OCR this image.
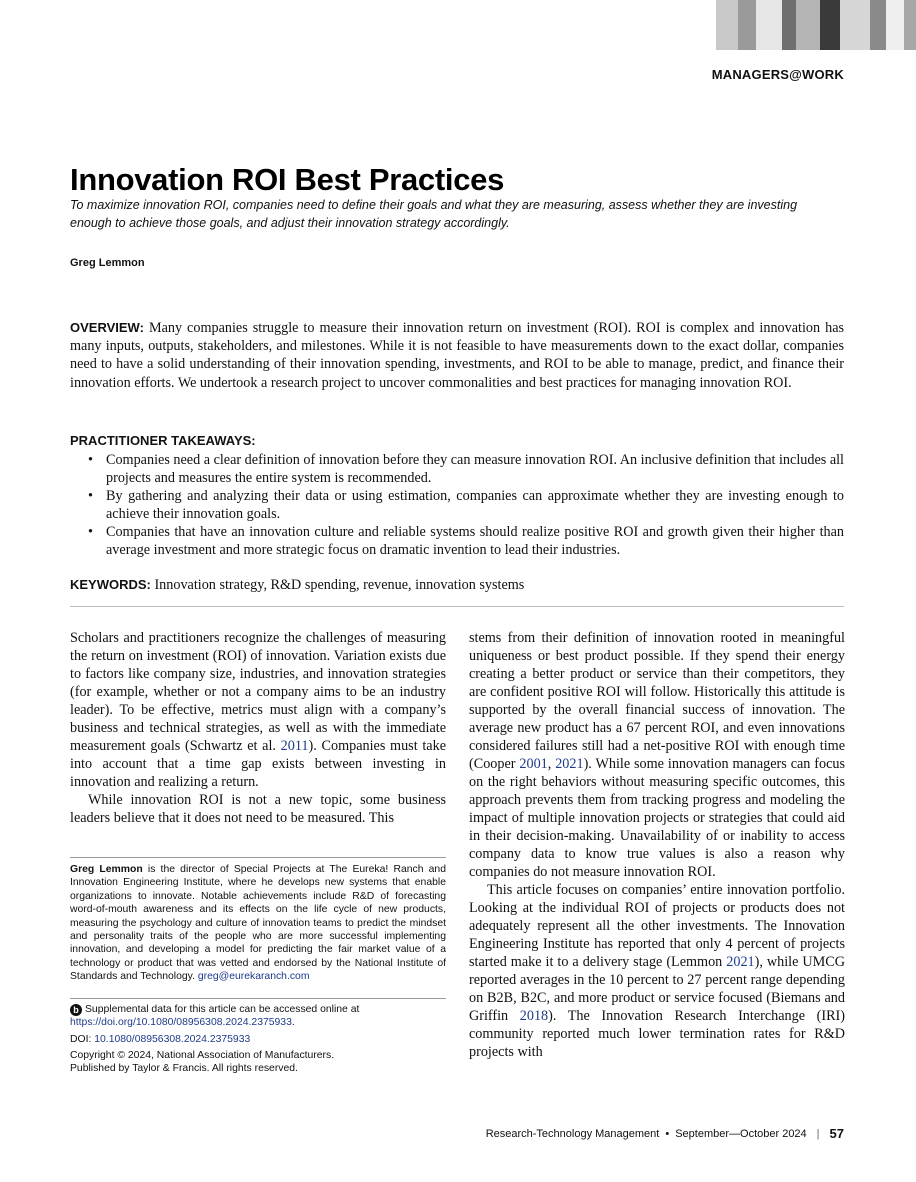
MANAGERS@WORK
Innovation ROI Best Practices

To maximize innovation ROI, companies need to define their goals and what they are measuring, assess whether they are investing enough to achieve those goals, and adjust their innovation strategy accordingly.

Greg Lemmon

OVERVIEW: Many companies struggle to measure their innovation return on investment (ROI). ROI is complex and innovation has many inputs, outputs, stakeholders, and milestones. While it is not feasible to have measurements down to the exact dollar, companies need to have a solid understanding of their innovation spending, investments, and ROI to be able to manage, predict, and finance their innovation efforts. We undertook a research project to uncover commonalities and best practices for managing innovation ROI.

PRACTITIONER TAKEAWAYS:
• Companies need a clear definition of innovation before they can measure innovation ROI. An inclusive definition that includes all projects and measures the entire system is recommended.
• By gathering and analyzing their data or using estimation, companies can approximate whether they are investing enough to achieve their innovation goals.
• Companies that have an innovation culture and reliable systems should realize positive ROI and growth given their higher than average investment and more strategic focus on dramatic invention to lead their industries.

KEYWORDS: Innovation strategy, R&D spending, revenue, innovation systems

Scholars and practitioners recognize the challenges of measuring the return on investment (ROI) of innovation. Variation exists due to factors like company size, industries, and innovation strategies (for example, whether or not a company aims to be an industry leader). To be effective, metrics must align with a company’s business and technical strategies, as well as with the immediate measurement goals (Schwartz et al. 2011). Companies must take into account that a time gap exists between investing in innovation and realizing a return.

While innovation ROI is not a new topic, some business leaders believe that it does not need to be measured. This

Greg Lemmon is the director of Special Projects at The Eureka! Ranch and Innovation Engineering Institute, where he develops new systems that enable organizations to innovate. Notable achievements include R&D of forecasting word-of-mouth awareness and its effects on the life cycle of new products, measuring the psychology and culture of innovation teams to predict the mindset and personality traits of the people who are more successful implementing innovation, and developing a model for predicting the fair market value of a technology or product that was vetted and endorsed by the National Institute of Standards and Technology. greg@eurekaranch.com

b Supplemental data for this article can be accessed online at https://doi.org/10.1080/08956308.2024.2375933.

DOI: 10.1080/08956308.2024.2375933

Copyright © 2024, National Association of Manufacturers.
Published by Taylor & Francis. All rights reserved.

stems from their definition of innovation rooted in meaningful uniqueness or best product possible. If they spend their energy creating a better product or service than their competitors, they are confident positive ROI will follow. Historically this attitude is supported by the overall financial success of innovation. The average new product has a 67 percent ROI, and even innovations considered failures still had a net-positive ROI with enough time (Cooper 2001, 2021). While some innovation managers can focus on the right behaviors without measuring specific outcomes, this approach prevents them from tracking progress and modeling the impact of multiple innovation projects or strategies that could aid in their decision-making. Unavailability of or inability to access company data to know true values is also a reason why companies do not measure innovation ROI.

This article focuses on companies’ entire innovation portfolio. Looking at the individual ROI of projects or products does not adequately represent all the other investments. The Innovation Engineering Institute has reported that only 4 percent of projects started make it to a delivery stage (Lemmon 2021), while UMCG reported averages in the 10 percent to 27 percent range depending on B2B, B2C, and more product or service focused (Biemans and Griffin 2018). The Innovation Research Interchange (IRI) community reported much lower termination rates for R&D projects with

Research-Technology Management • September—October 2024 | 57
